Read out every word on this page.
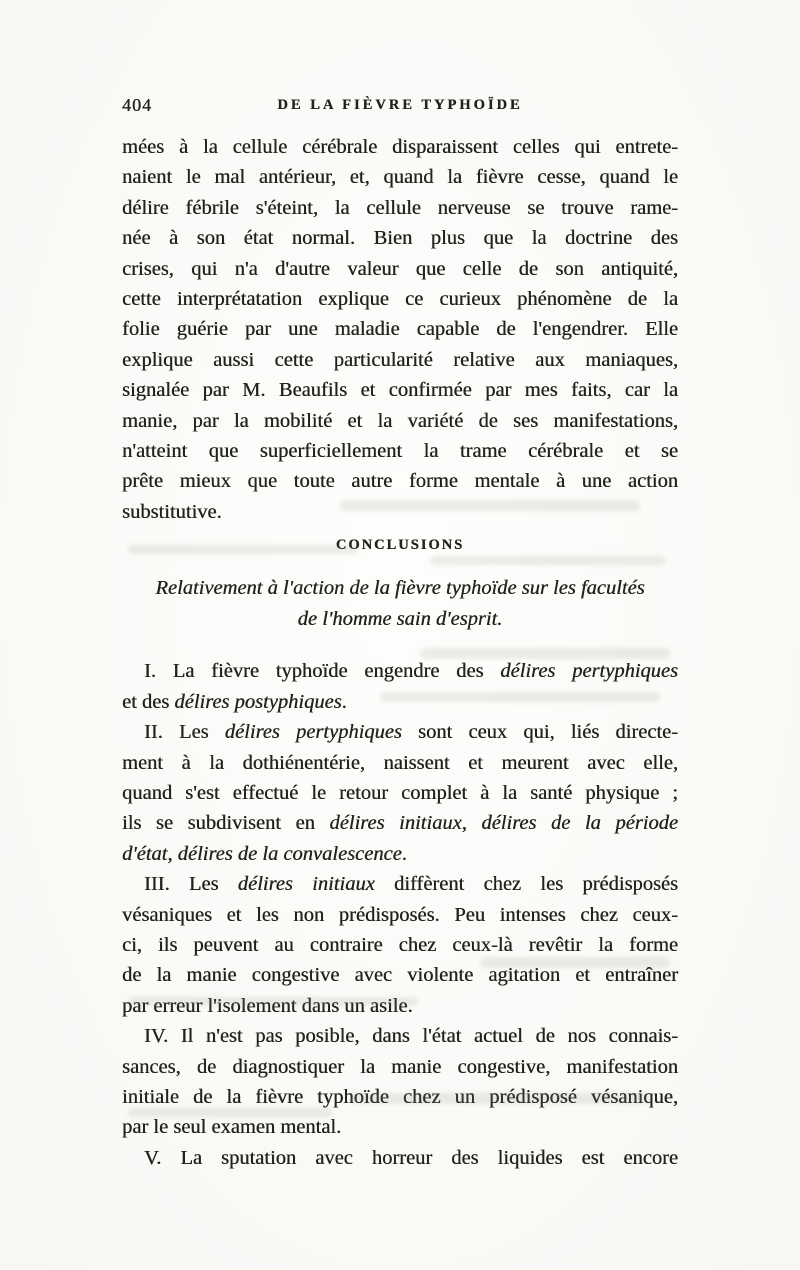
404	DE LA FIÈVRE TYPHOÏDE
mées à la cellule cérébrale disparaissent celles qui entrete-
naient le mal antérieur, et, quand la fièvre cesse, quand le
délire fébrile s'éteint, la cellule nerveuse se trouve rame-
née à son état normal. Bien plus que la doctrine des
crises, qui n'a d'autre valeur que celle de son antiquité,
cette interprétatation explique ce curieux phénomène de la
folie guérie par une maladie capable de l'engendrer. Elle
explique aussi cette particularité relative aux maniaques,
signalée par M. Beaufils et confirmée par mes faits, car la
manie, par la mobilité et la variété de ses manifestations,
n'atteint que superficiellement la trame cérébrale et se
prête mieux que toute autre forme mentale à une action
substitutive.
CONCLUSIONS
Relativement à l'action de la fièvre typhoïde sur les facultés
de l'homme sain d'esprit.
I. La fièvre typhoïde engendre des délires pertyphiques
et des délires postyphiques.
II. Les délires pertyphiques sont ceux qui, liés directe-
ment à la dothiénentérie, naissent et meurent avec elle,
quand s'est effectué le retour complet à la santé physique ;
ils se subdivisent en délires initiaux, délires de la période
d'état, délires de la convalescence.
III. Les délires initiaux diffèrent chez les prédisposés
vésaniques et les non prédisposés. Peu intenses chez ceux-
ci, ils peuvent au contraire chez ceux-là revêtir la forme
de la manie congestive avec violente agitation et entraîner
par erreur l'isolement dans un asile.
IV. Il n'est pas posible, dans l'état actuel de nos connais-
sances, de diagnostiquer la manie congestive, manifestation
initiale de la fièvre typhoïde chez un prédisposé vésanique,
par le seul examen mental.
V. La sputation avec horreur des liquides est encore
